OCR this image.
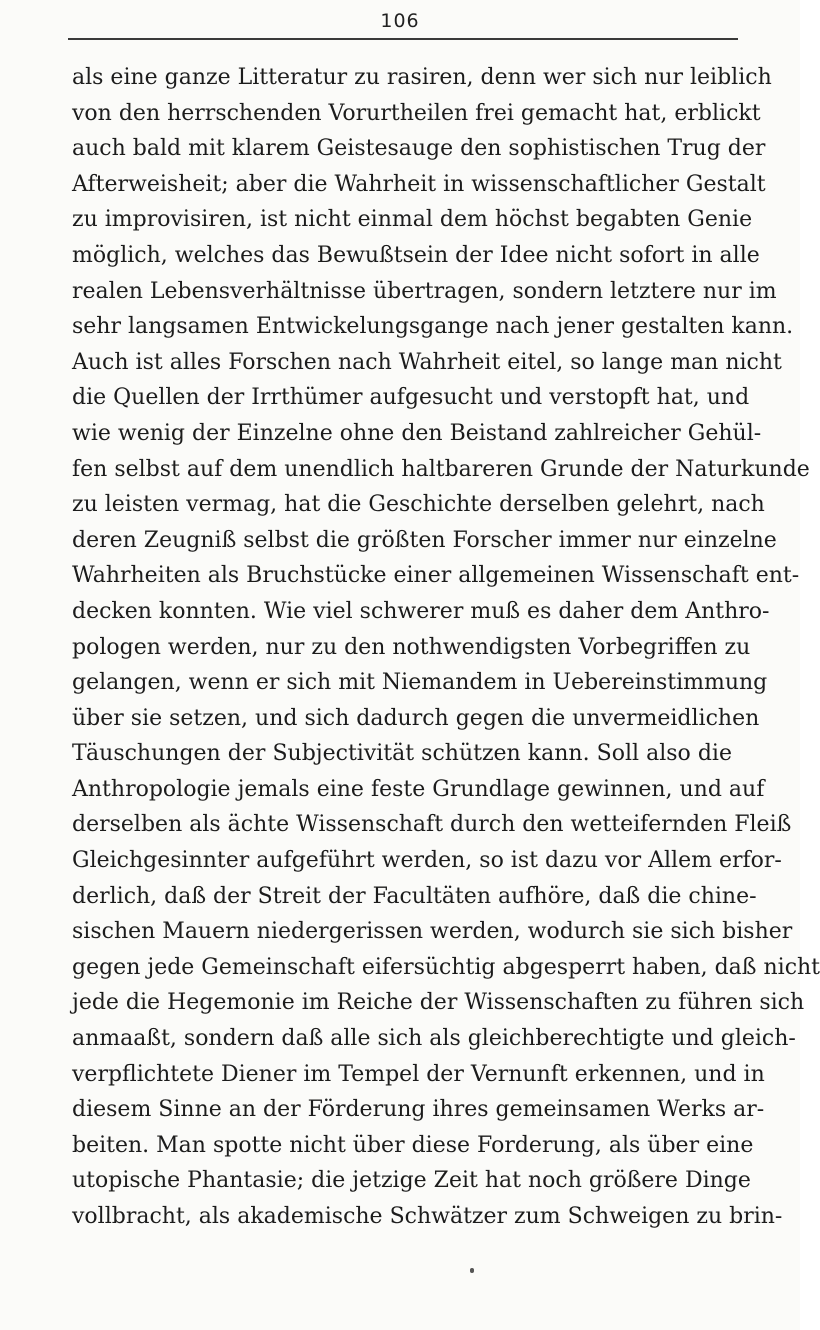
106
als eine ganze Litteratur zu rasiren, denn wer sich nur leiblich
von den herrschenden Vorurtheilen frei gemacht hat, erblickt
auch bald mit klarem Geistesauge den sophistischen Trug der
Afterweisheit; aber die Wahrheit in wissenschaftlicher Gestalt
zu improvisiren, ist nicht einmal dem höchst begabten Genie
möglich, welches das Bewußtsein der Idee nicht sofort in alle
realen Lebensverhältnisse übertragen, sondern letztere nur im
sehr langsamen Entwickelungsgange nach jener gestalten kann.
Auch ist alles Forschen nach Wahrheit eitel, so lange man nicht
die Quellen der Irrthümer aufgesucht und verstopft hat, und
wie wenig der Einzelne ohne den Beistand zahlreicher Gehül-
fen selbst auf dem unendlich haltbareren Grunde der Naturkunde
zu leisten vermag, hat die Geschichte derselben gelehrt, nach
deren Zeugniß selbst die größten Forscher immer nur einzelne
Wahrheiten als Bruchstücke einer allgemeinen Wissenschaft ent-
decken konnten. Wie viel schwerer muß es daher dem Anthro-
pologen werden, nur zu den nothwendigsten Vorbegriffen zu
gelangen, wenn er sich mit Niemandem in Uebereinstimmung
über sie setzen, und sich dadurch gegen die unvermeidlichen
Täuschungen der Subjectivität schützen kann. Soll also die
Anthropologie jemals eine feste Grundlage gewinnen, und auf
derselben als ächte Wissenschaft durch den wetteifernden Fleiß
Gleichgesinnter aufgeführt werden, so ist dazu vor Allem erfor-
derlich, daß der Streit der Facultäten aufhöre, daß die chine-
sischen Mauern niedergerissen werden, wodurch sie sich bisher
gegen jede Gemeinschaft eifersüchtig abgesperrt haben, daß nicht
jede die Hegemonie im Reiche der Wissenschaften zu führen sich
anmaaßt, sondern daß alle sich als gleichberechtigte und gleich-
verpflichtete Diener im Tempel der Vernunft erkennen, und in
diesem Sinne an der Förderung ihres gemeinsamen Werks ar-
beiten. Man spotte nicht über diese Forderung, als über eine
utopische Phantasie; die jetzige Zeit hat noch größere Dinge
vollbracht, als akademische Schwätzer zum Schweigen zu brin-
